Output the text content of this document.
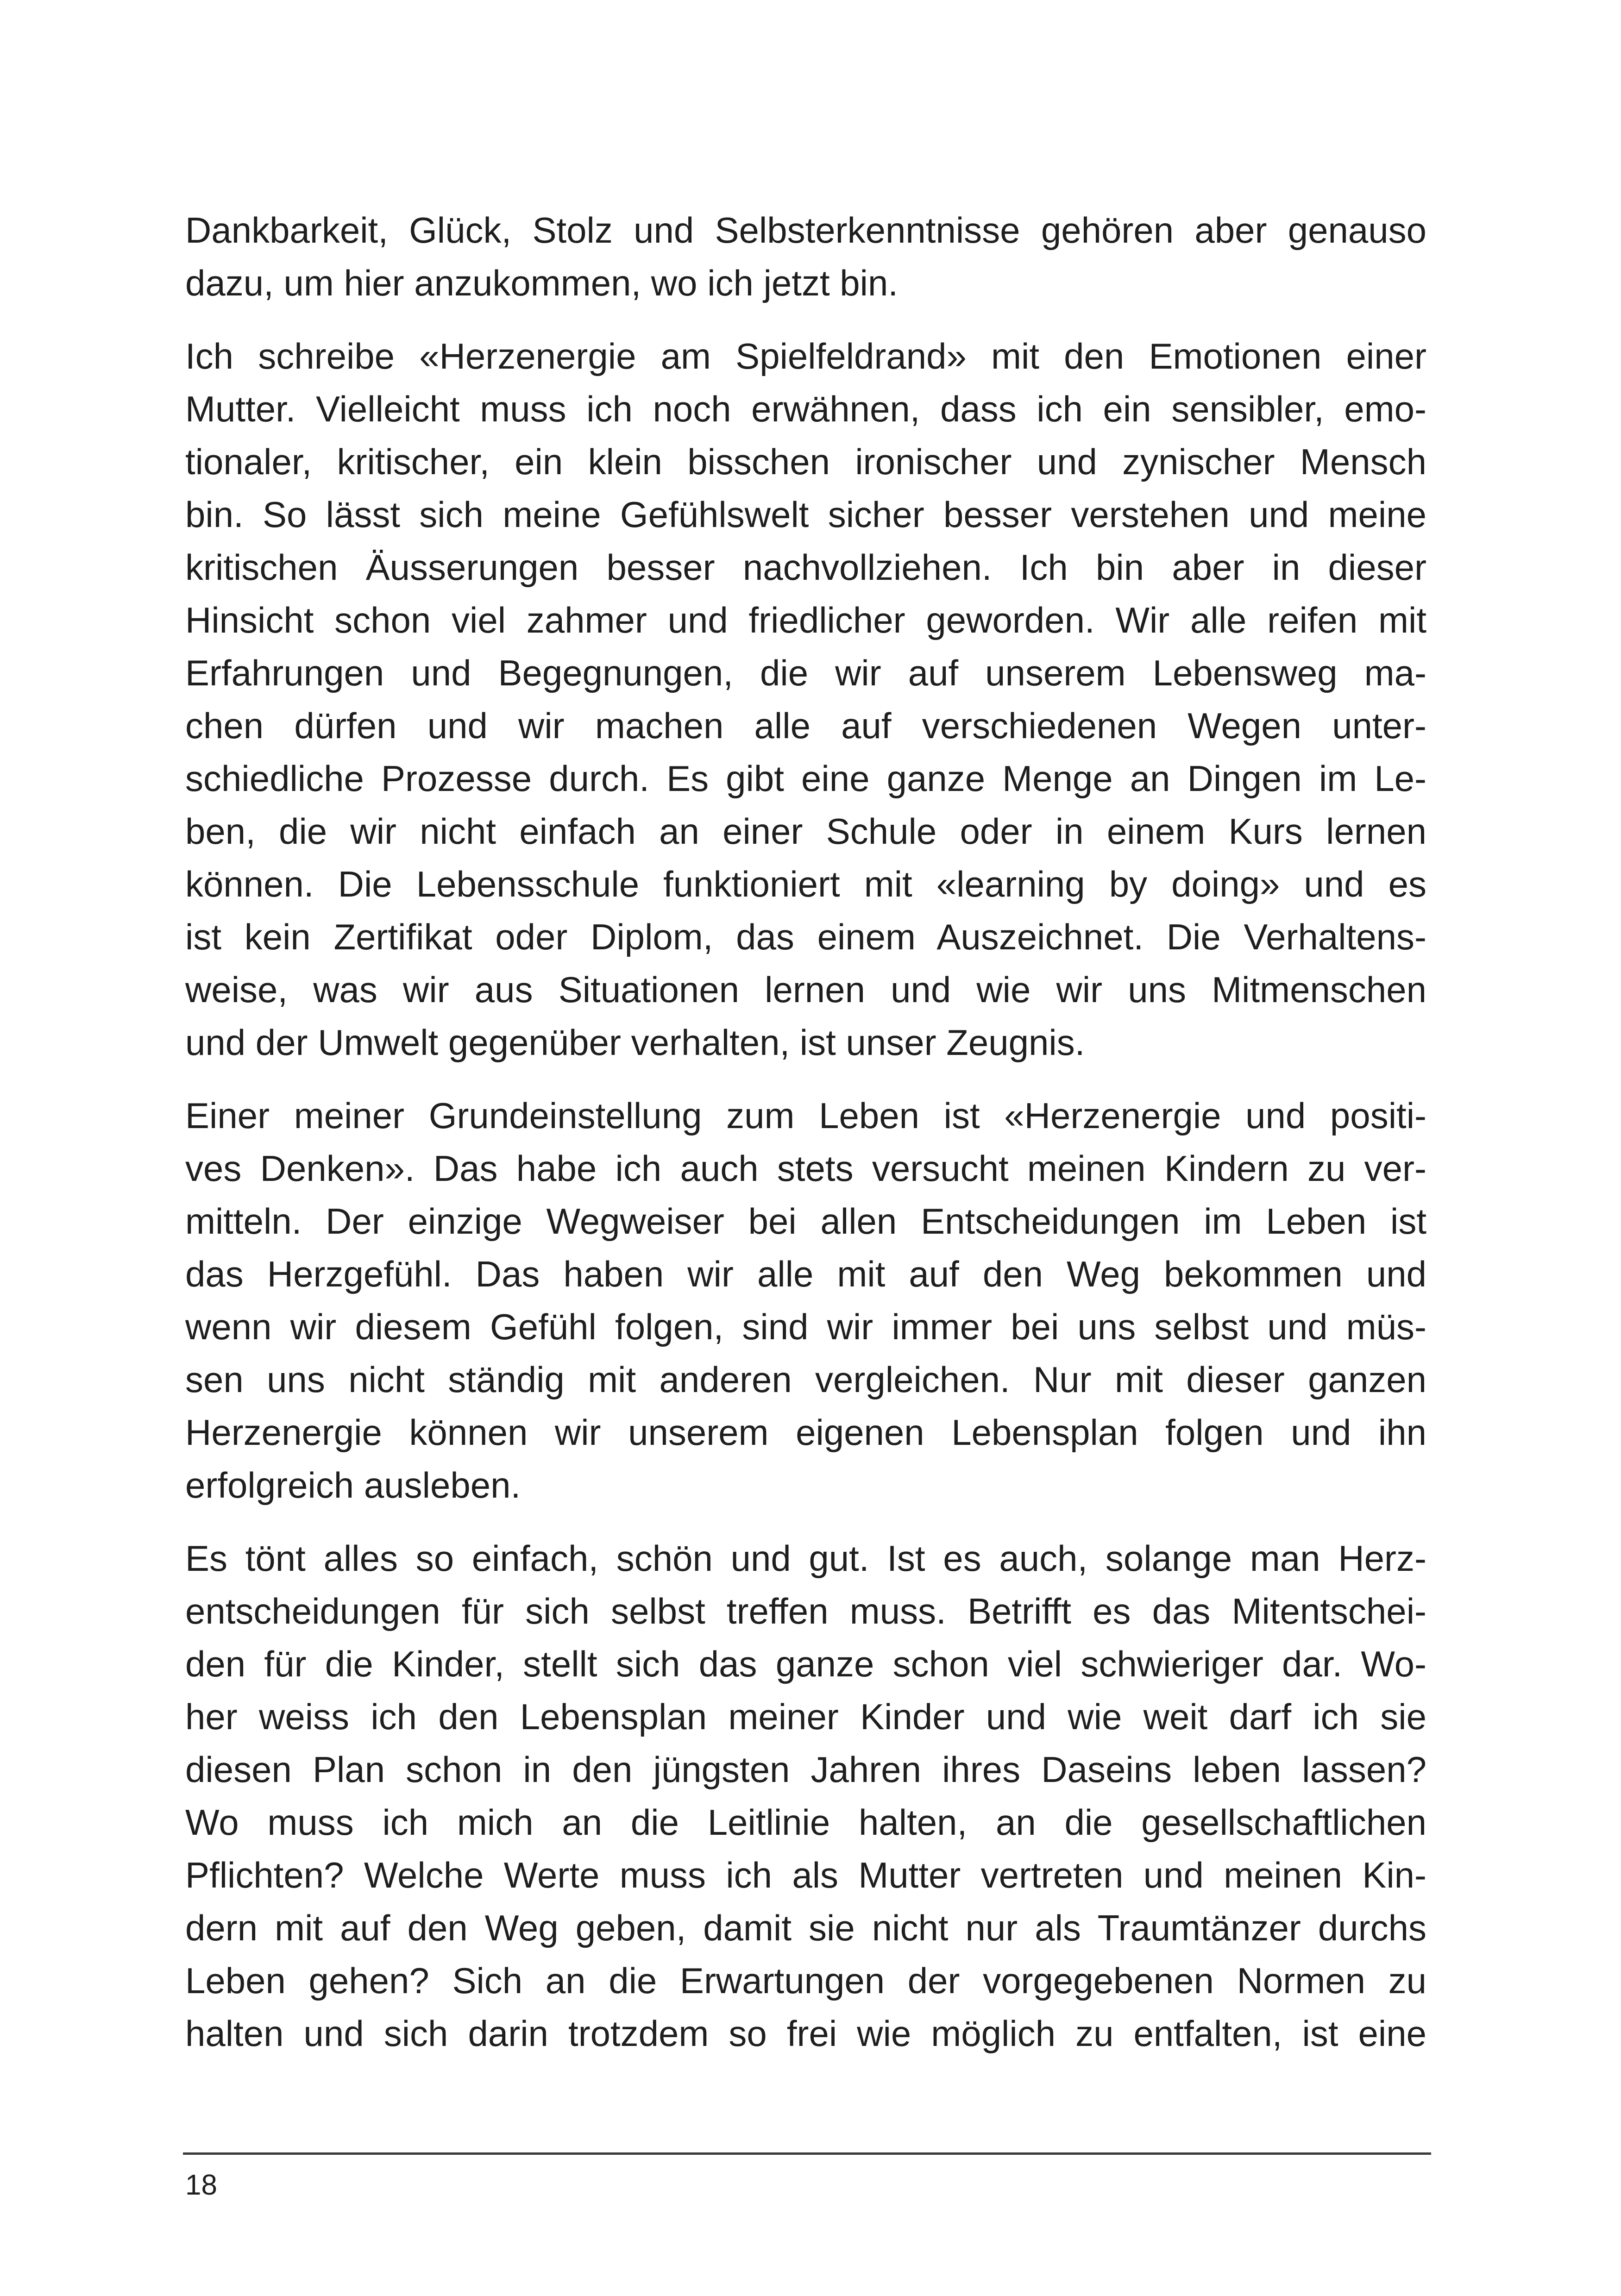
Dankbarkeit, Glück, Stolz und Selbsterkenntnisse gehören aber genauso
dazu, um hier anzukommen, wo ich jetzt bin.
Ich schreibe «Herzenergie am Spielfeldrand» mit den Emotionen einer
Mutter. Vielleicht muss ich noch erwähnen, dass ich ein sensibler, emo-
tionaler, kritischer, ein klein bisschen ironischer und zynischer Mensch
bin. So lässt sich meine Gefühlswelt sicher besser verstehen und meine
kritischen Äusserungen besser nachvollziehen. Ich bin aber in dieser
Hinsicht schon viel zahmer und friedlicher geworden. Wir alle reifen mit
Erfahrungen und Begegnungen, die wir auf unserem Lebensweg ma-
chen dürfen und wir machen alle auf verschiedenen Wegen unter-
schiedliche Prozesse durch. Es gibt eine ganze Menge an Dingen im Le-
ben, die wir nicht einfach an einer Schule oder in einem Kurs lernen
können. Die Lebensschule funktioniert mit «learning by doing» und es
ist kein Zertifikat oder Diplom, das einem Auszeichnet. Die Verhaltens-
weise, was wir aus Situationen lernen und wie wir uns Mitmenschen
und der Umwelt gegenüber verhalten, ist unser Zeugnis.
Einer meiner Grundeinstellung zum Leben ist «Herzenergie und positi-
ves Denken». Das habe ich auch stets versucht meinen Kindern zu ver-
mitteln. Der einzige Wegweiser bei allen Entscheidungen im Leben ist
das Herzgefühl. Das haben wir alle mit auf den Weg bekommen und
wenn wir diesem Gefühl folgen, sind wir immer bei uns selbst und müs-
sen uns nicht ständig mit anderen vergleichen. Nur mit dieser ganzen
Herzenergie können wir unserem eigenen Lebensplan folgen und ihn
erfolgreich ausleben.
Es tönt alles so einfach, schön und gut. Ist es auch, solange man Herz-
entscheidungen für sich selbst treffen muss. Betrifft es das Mitentschei-
den für die Kinder, stellt sich das ganze schon viel schwieriger dar. Wo-
her weiss ich den Lebensplan meiner Kinder und wie weit darf ich sie
diesen Plan schon in den jüngsten Jahren ihres Daseins leben lassen?
Wo muss ich mich an die Leitlinie halten, an die gesellschaftlichen
Pflichten? Welche Werte muss ich als Mutter vertreten und meinen Kin-
dern mit auf den Weg geben, damit sie nicht nur als Traumtänzer durchs
Leben gehen? Sich an die Erwartungen der vorgegebenen Normen zu
halten und sich darin trotzdem so frei wie möglich zu entfalten, ist eine
18
